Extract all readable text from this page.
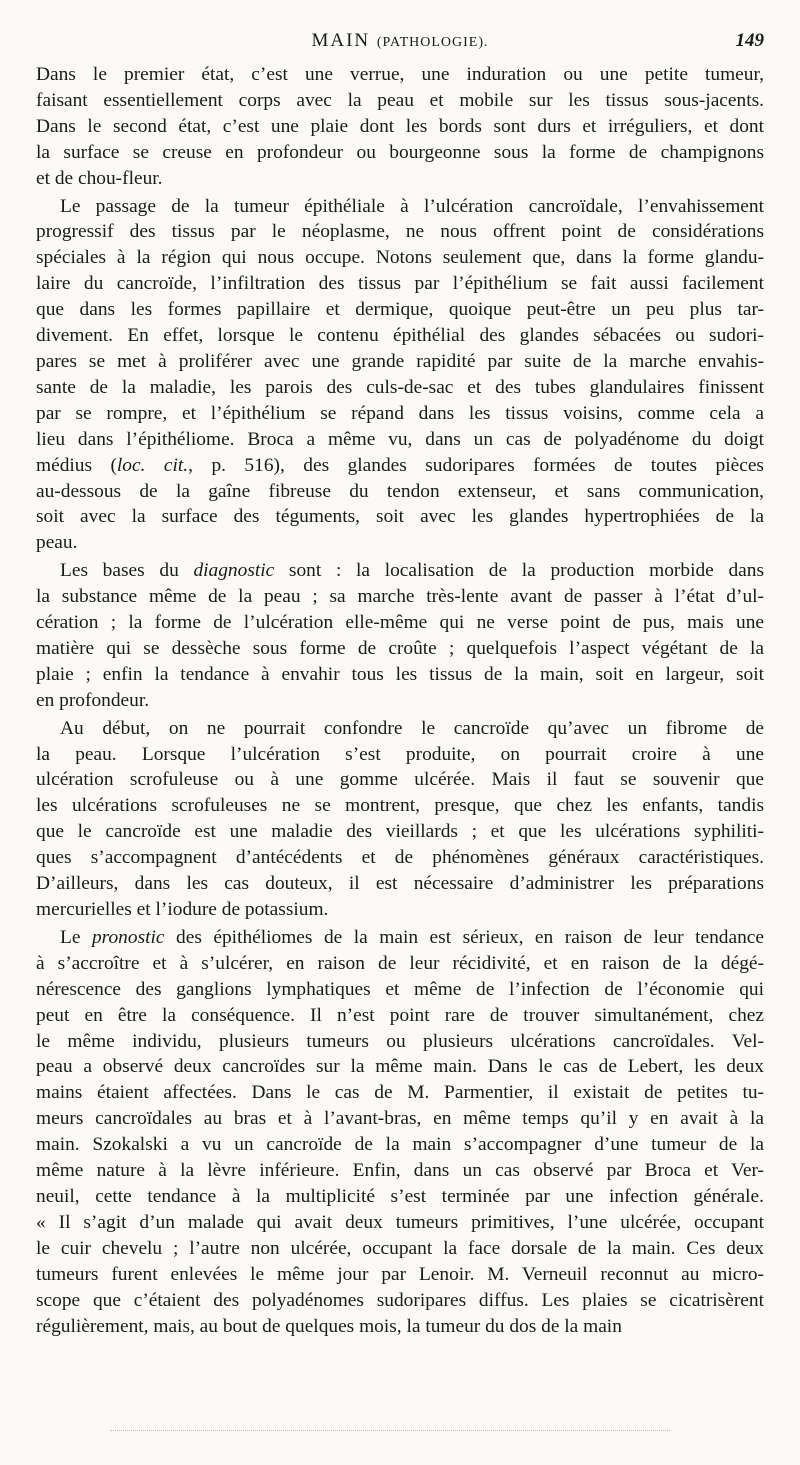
MAIN (PATHOLOGIE).	149
Dans le premier état, c’est une verrue, une induration ou une petite tumeur,
faisant essentiellement corps avec la peau et mobile sur les tissus sous-jacents.
Dans le second état, c’est une plaie dont les bords sont durs et irréguliers, et dont
la surface se creuse en profondeur ou bourgeonne sous la forme de champignons
et de chou-fleur.
Le passage de la tumeur épithéliale à l’ulcération cancroïdale, l’envahissement
progressif des tissus par le néoplasme, ne nous offrent point de considérations
spéciales à la région qui nous occupe. Notons seulement que, dans la forme glandu-
laire du cancroïde, l’infiltration des tissus par l’épithélium se fait aussi facilement
que dans les formes papillaire et dermique, quoique peut-être un peu plus tar-
divement. En effet, lorsque le contenu épithélial des glandes sébacées ou sudori-
pares se met à proliférer avec une grande rapidité par suite de la marche envahis-
sante de la maladie, les parois des culs-de-sac et des tubes glandulaires finissent
par se rompre, et l’épithélium se répand dans les tissus voisins, comme cela a
lieu dans l’épithéliome. Broca a même vu, dans un cas de polyadénome du doigt
médius (loc. cit., p. 516), des glandes sudoripares formées de toutes pièces
au-dessous de la gaîne fibreuse du tendon extenseur, et sans communication,
soit avec la surface des téguments, soit avec les glandes hypertrophiées de la
peau.
Les bases du diagnostic sont : la localisation de la production morbide dans
la substance même de la peau ; sa marche très-lente avant de passer à l’état d’ul-
cération ; la forme de l’ulcération elle-même qui ne verse point de pus, mais une
matière qui se dessèche sous forme de croûte ; quelquefois l’aspect végétant de la
plaie ; enfin la tendance à envahir tous les tissus de la main, soit en largeur, soit
en profondeur.
Au début, on ne pourrait confondre le cancroïde qu’avec un fibrome de
la peau. Lorsque l’ulcération s’est produite, on pourrait croire à une
ulcération scrofuleuse ou à une gomme ulcérée. Mais il faut se souvenir que
les ulcérations scrofuleuses ne se montrent, presque, que chez les enfants, tandis
que le cancroïde est une maladie des vieillards ; et que les ulcérations syphiliti-
ques s’accompagnent d’antécédents et de phénomènes généraux caractéristiques.
D’ailleurs, dans les cas douteux, il est nécessaire d’administrer les préparations
mercurielles et l’iodure de potassium.
Le pronostic des épithéliomes de la main est sérieux, en raison de leur tendance
à s’accroître et à s’ulcérer, en raison de leur récidivité, et en raison de la dégé-
nérescence des ganglions lymphatiques et même de l’infection de l’économie qui
peut en être la conséquence. Il n’est point rare de trouver simultanément, chez
le même individu, plusieurs tumeurs ou plusieurs ulcérations cancroïdales. Vel-
peau a observé deux cancroïdes sur la même main. Dans le cas de Lebert, les deux
mains étaient affectées. Dans le cas de M. Parmentier, il existait de petites tu-
meurs cancroïdales au bras et à l’avant-bras, en même temps qu’il y en avait à la
main. Szokalski a vu un cancroïde de la main s’accompagner d’une tumeur de la
même nature à la lèvre inférieure. Enfin, dans un cas observé par Broca et Ver-
neuil, cette tendance à la multiplicité s’est terminée par une infection générale.
« Il s’agit d’un malade qui avait deux tumeurs primitives, l’une ulcérée, occupant
le cuir chevelu ; l’autre non ulcérée, occupant la face dorsale de la main. Ces deux
tumeurs furent enlevées le même jour par Lenoir. M. Verneuil reconnut au micro-
scope que c’étaient des polyadénomes sudoripares diffus. Les plaies se cicatrisèrent
régulièrement, mais, au bout de quelques mois, la tumeur du dos de la main
